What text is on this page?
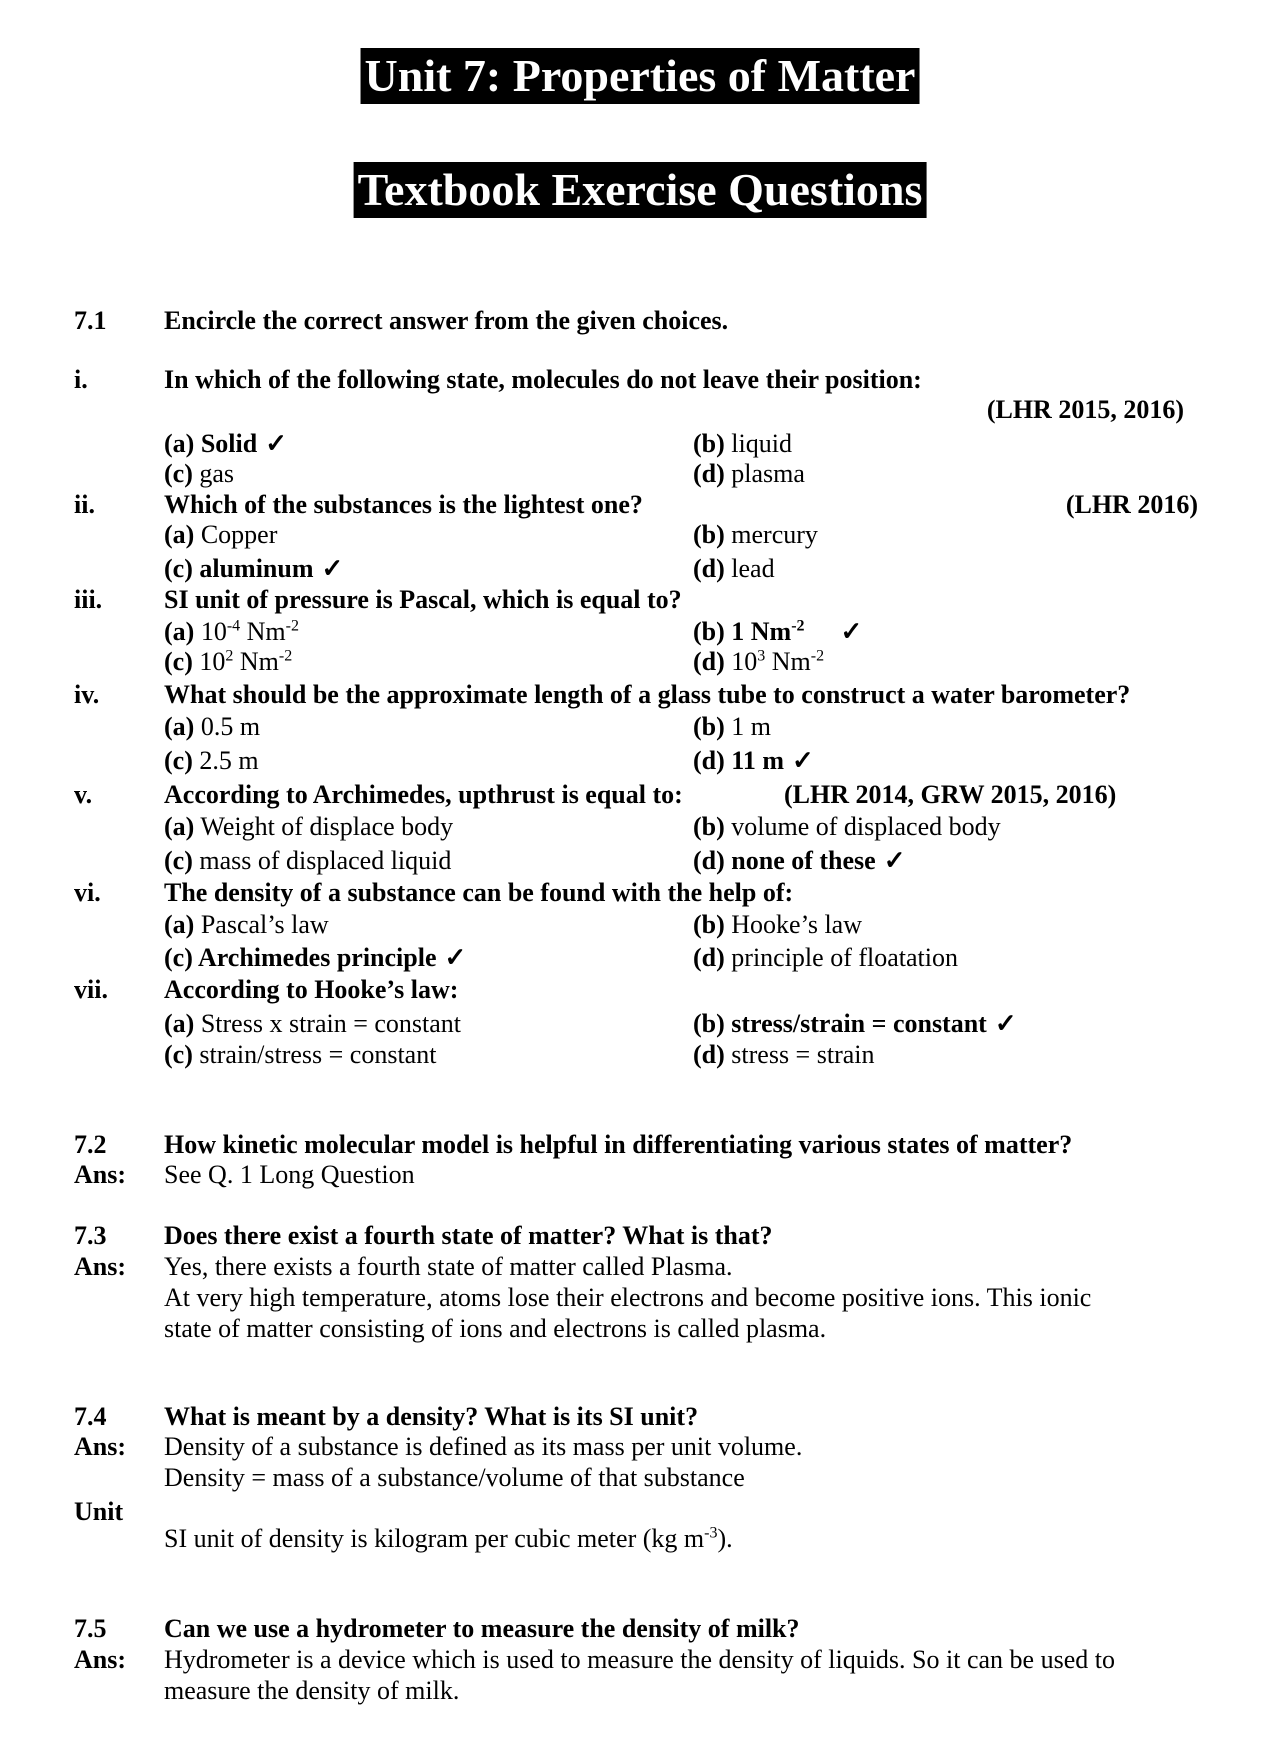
Unit 7: Properties of Matter
Textbook Exercise Questions
7.1 Encircle the correct answer from the given choices.
i.	In which of the following state, molecules do not leave their position:
(LHR 2015, 2016)
(a) Solid ✓	(b) liquid
(c) gas	(d) plasma
ii.	Which of the substances is the lightest one?	(LHR 2016)
(a) Copper	(b) mercury
(c) aluminum ✓	(d) lead
iii. SI unit of pressure is Pascal, which is equal to?
(a) $10^{-4}$ $Nm^{-2}$	(b) 1 $Nm^{-2}$ ✓
(c) $10^2$ $Nm^{-2}$	(d) $10^3$ $Nm^{-2}$
iv. What should be the approximate length of a glass tube to construct a water barometer?
(a) 0.5 m	(b) 1 m
(c) 2.5 m	(d) 11 m ✓
v.	According to Archimedes, upthrust is equal to:	(LHR 2014, GRW 2015, 2016)
(a) Weight of displace body	(b) volume of displaced body
(c) mass of displaced liquid	(d) none of these ✓
vi. The density of a substance can be found with the help of:
(a) Pascal’s law	(b) Hooke’s law
(c) Archimedes principle ✓	(d) principle of floatation
vii. According to Hooke’s law:
(a) Stress x strain = constant	(b) stress/strain = constant ✓
(c) strain/stress = constant	(d) stress = strain
7.2 How kinetic molecular model is helpful in differentiating various states of matter?
Ans: See Q. 1 Long Question
7.3 Does there exist a fourth state of matter? What is that?
Ans: Yes, there exists a fourth state of matter called Plasma.
At very high temperature, atoms lose their electrons and become positive ions. This ionic
state of matter consisting of ions and electrons is called plasma.
7.4 What is meant by a density? What is its SI unit?
Ans: Density of a substance is defined as its mass per unit volume.
Density = mass of a substance/volume of that substance
Unit
SI unit of density is kilogram per cubic meter (kg $m^{-3}$).
7.5 Can we use a hydrometer to measure the density of milk?
Ans: Hydrometer is a device which is used to measure the density of liquids. So it can be used to
measure the density of milk.
